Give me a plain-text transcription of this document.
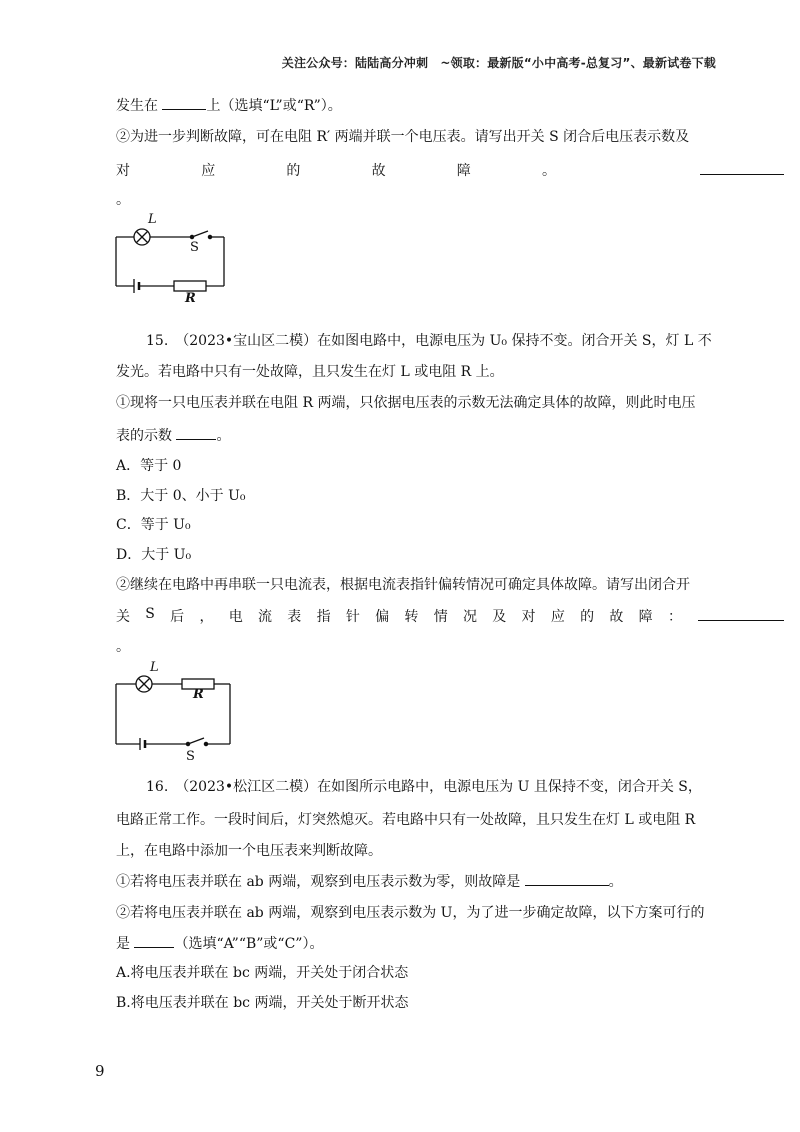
关注公众号：陆陆高分冲刺　~领取：最新版“小中高考-总复习”、最新试卷下载
发生在	上（选填“L”或“R”）。
②为进一步判断故障，可在电阻 R′ 两端并联一个电压表。请写出开关 S 闭合后电压表示数及
对	应	的	故	障	。
。
L
S
R
15.　（2023•宝山区二模）在如图电路中，电源电压为 U₀ 保持不变。闭合开关 S，灯 L 不
发光。若电路中只有一处故障，且只发生在灯 L 或电阻 R 上。
①现将一只电压表并联在电阻 R 两端，只依据电压表的示数无法确定具体的故障，则此时电压
表的示数	。
A．等于 0
B．大于 0、小于 U₀
C．等于 U₀
D．大于 U₀
②继续在电路中再串联一只电流表，根据电流表指针偏转情况可确定具体故障。请写出闭合开
关 S 后 ， 电 流 表 指 针 偏 转 情 况 及 对 应 的 故 障 ：
。
L
R
S
16.　（2023•松江区二模）在如图所示电路中，电源电压为 U 且保持不变，闭合开关 S，
电路正常工作。一段时间后，灯突然熄灭。若电路中只有一处故障，且只发生在灯 L 或电阻 R
上，在电路中添加一个电压表来判断故障。
①若将电压表并联在 ab 两端，观察到电压表示数为零，则故障是	。
②若将电压表并联在 ab 两端，观察到电压表示数为 U，为了进一步确定故障，以下方案可行的
是	（选填“A”“B”或“C”）。
A.将电压表并联在 bc 两端，开关处于闭合状态
B.将电压表并联在 bc 两端，开关处于断开状态
9
